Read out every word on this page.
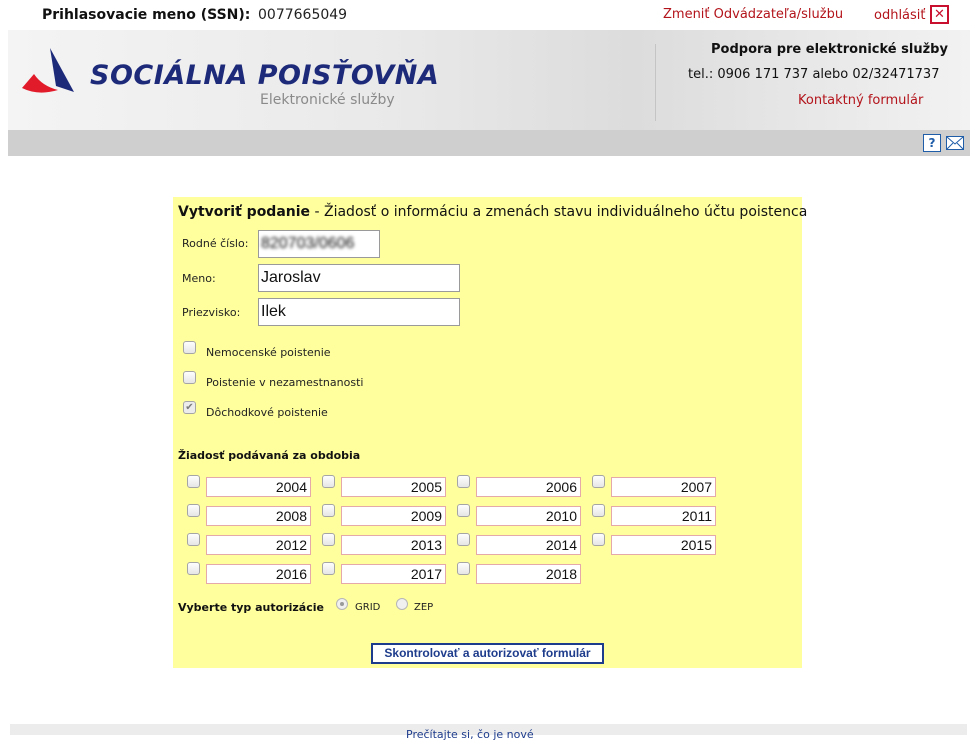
Prihlasovacie meno (SSN): 0077665049	Zmeniť Odvádzateľa/službu odhlásiť ✕
SOCIÁLNA POISŤOVŇA
Elektronické služby
Podpora pre elektronické služby
tel.: 0906 171 737 alebo 02/32471737
Kontaktný formulár
?
Vytvoriť podanie - Žiadosť o informáciu a zmenách stavu individuálneho účtu poistenca
Rodné číslo: 820703/0606
Meno:	Jaroslav
Priezvisko: Ilek
Nemocenské poistenie
Poistenie v nezamestnanosti
✔ Dôchodkové poistenie
Žiadosť podávaná za obdobia
2004	2005	2006	2007
2008	2009	2010	2011
2012	2013	2014	2015
2016	2017	2018
Vyberte typ autorizácie	GRID	ZEP
Skontrolovať a autorizovať formulár
Prečítajte si, čo je nové
